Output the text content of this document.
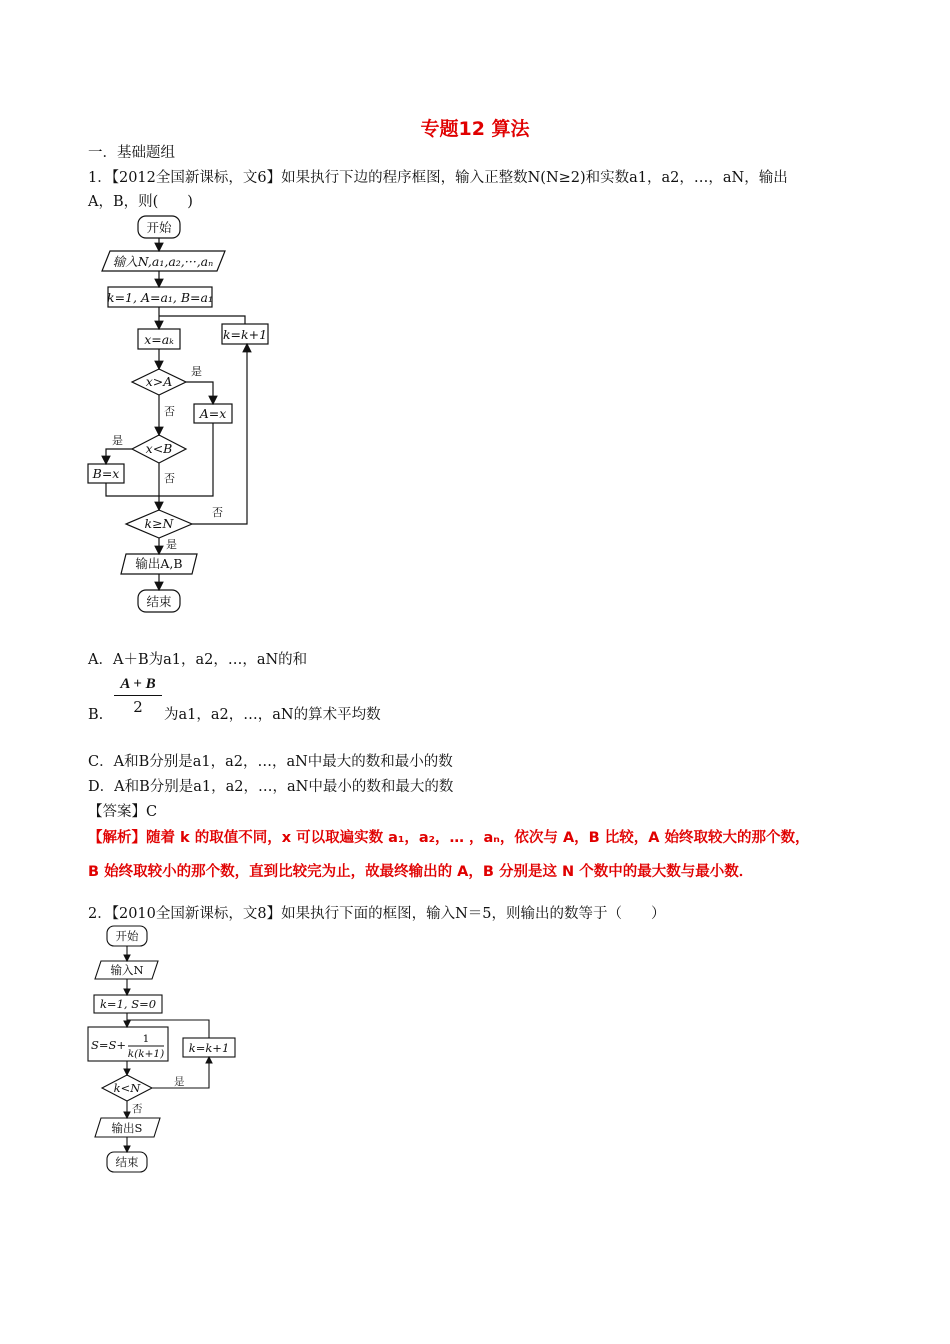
专题12 算法
一．基础题组
1．【2012全国新课标，文6】如果执行下边的程序框图，输入正整数N(N≥2)和实数a1，a2，…，aN，输出
A，B，则(　　)
开始
输入N,a₁,a₂,···,aₙ
k=1, A=a₁, B=a₁
x=aₖ	k=k+1
x>A
A=x
x<B
B=x
k≥N
输出A,B
结束
是
否
是
否
否
是
A．A＋B为a1，a2，…，aN的和
$\frac{A + B}{2}$
B.	为a1，a2，…，aN的算术平均数
C．A和B分别是a1，a2，…，aN中最大的数和最小的数
D．A和B分别是a1，a2，…，aN中最小的数和最大的数
【答案】C
【解析】随着 k 的取值不同，x 可以取遍实数 a₁，a₂，… ，aₙ，依次与 A，B 比较，A 始终取较大的那个数，
B 始终取较小的那个数，直到比较完为止，故最终输出的 A，B 分别是这 N 个数中的最大数与最小数．
2．【2010全国新课标，文8】如果执行下面的框图，输入N＝5，则输出的数等于（　　）
开始
输入N
k=1, S=0
S=S+ 1
k(k+1) k=k+1
k<N
输出S
结束
是
否
